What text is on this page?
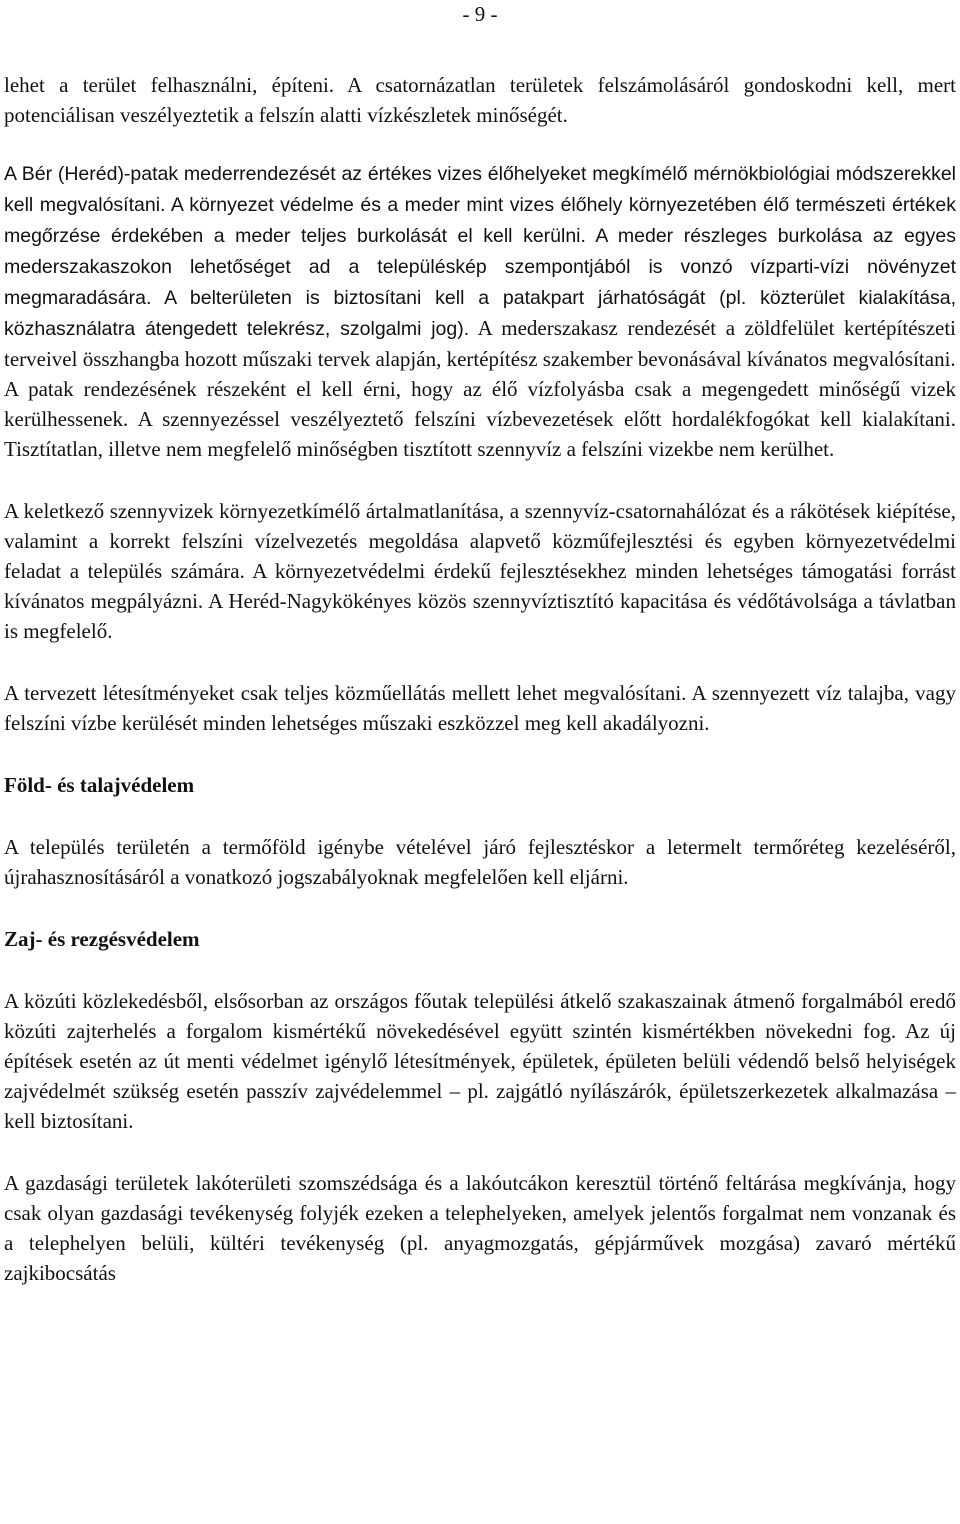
- 9 -

lehet a terület felhasználni, építeni. A csatornázatlan területek felszámolásáról gondoskodni kell, mert potenciálisan veszélyeztetik a felszín alatti vízkészletek minőségét.

A Bér (Heréd)-patak mederrendezését az értékes vizes élőhelyeket megkímélő mérnökbiológiai módszerekkel kell megvalósítani. A környezet védelme és a meder mint vizes élőhely környezetében élő természeti értékek megőrzése érdekében a meder teljes burkolását el kell kerülni. A meder részleges burkolása az egyes mederszakaszokon lehetőséget ad a településkép szempontjából is vonzó vízparti-vízi növényzet megmaradására. A belterületen is biztosítani kell a patakpart járhatóságát (pl. közterület kialakítása, közhasználatra átengedett telekrész, szolgalmi jog). A mederszakasz rendezését a zöldfelület kertépítészeti terveivel összhangba hozott műszaki tervek alapján, kertépítész szakember bevonásával kívánatos megvalósítani.

A patak rendezésének részeként el kell érni, hogy az élő vízfolyásba csak a megengedett minőségű vizek kerülhessenek. A szennyezéssel veszélyeztető felszíni vízbevezetések előtt hordalékfogókat kell kialakítani. Tisztítatlan, illetve nem megfelelő minőségben tisztított szennyvíz a felszíni vizekbe nem kerülhet.

A keletkező szennyvizek környezetkímélő ártalmatlanítása, a szennyvíz-csatornahálózat és a rákötések kiépítése, valamint a korrekt felszíni vízelvezetés megoldása alapvető közműfejlesztési és egyben környezetvédelmi feladat a település számára. A környezetvédelmi érdekű fejlesztésekhez minden lehetséges támogatási forrást kívánatos megpályázni. A Heréd-Nagykökényes közös szennyvíztisztító kapacitása és védőtávolsága a távlatban is megfelelő.

A tervezett létesítményeket csak teljes közműellátás mellett lehet megvalósítani. A szennyezett víz talajba, vagy felszíni vízbe kerülését minden lehetséges műszaki eszközzel meg kell akadályozni.

Föld- és talajvédelem

A település területén a termőföld igénybe vételével járó fejlesztéskor a letermelt termőréteg kezeléséről, újrahasznosításáról a vonatkozó jogszabályoknak megfelelően kell eljárni.

Zaj- és rezgésvédelem

A közúti közlekedésből, elsősorban az országos főutak települési átkelő szakaszainak átmenő forgalmából eredő közúti zajterhelés a forgalom kismértékű növekedésével együtt szintén kismértékben növekedni fog. Az új építések esetén az út menti védelmet igénylő létesítmények, épületek, épületen belüli védendő belső helyiségek zajvédelmét szükség esetén passzív zajvédelemmel – pl. zajgátló nyílászárók, épületszerkezetek alkalmazása – kell biztosítani.

A gazdasági területek lakóterületi szomszédsága és a lakóutcákon keresztül történő feltárása megkívánja, hogy csak olyan gazdasági tevékenység folyjék ezeken a telephelyeken, amelyek jelentős forgalmat nem vonzanak és a telephelyen belüli, kültéri tevékenység (pl. anyagmozgatás, gépjárművek mozgása) zavaró mértékű zajkibocsátás
